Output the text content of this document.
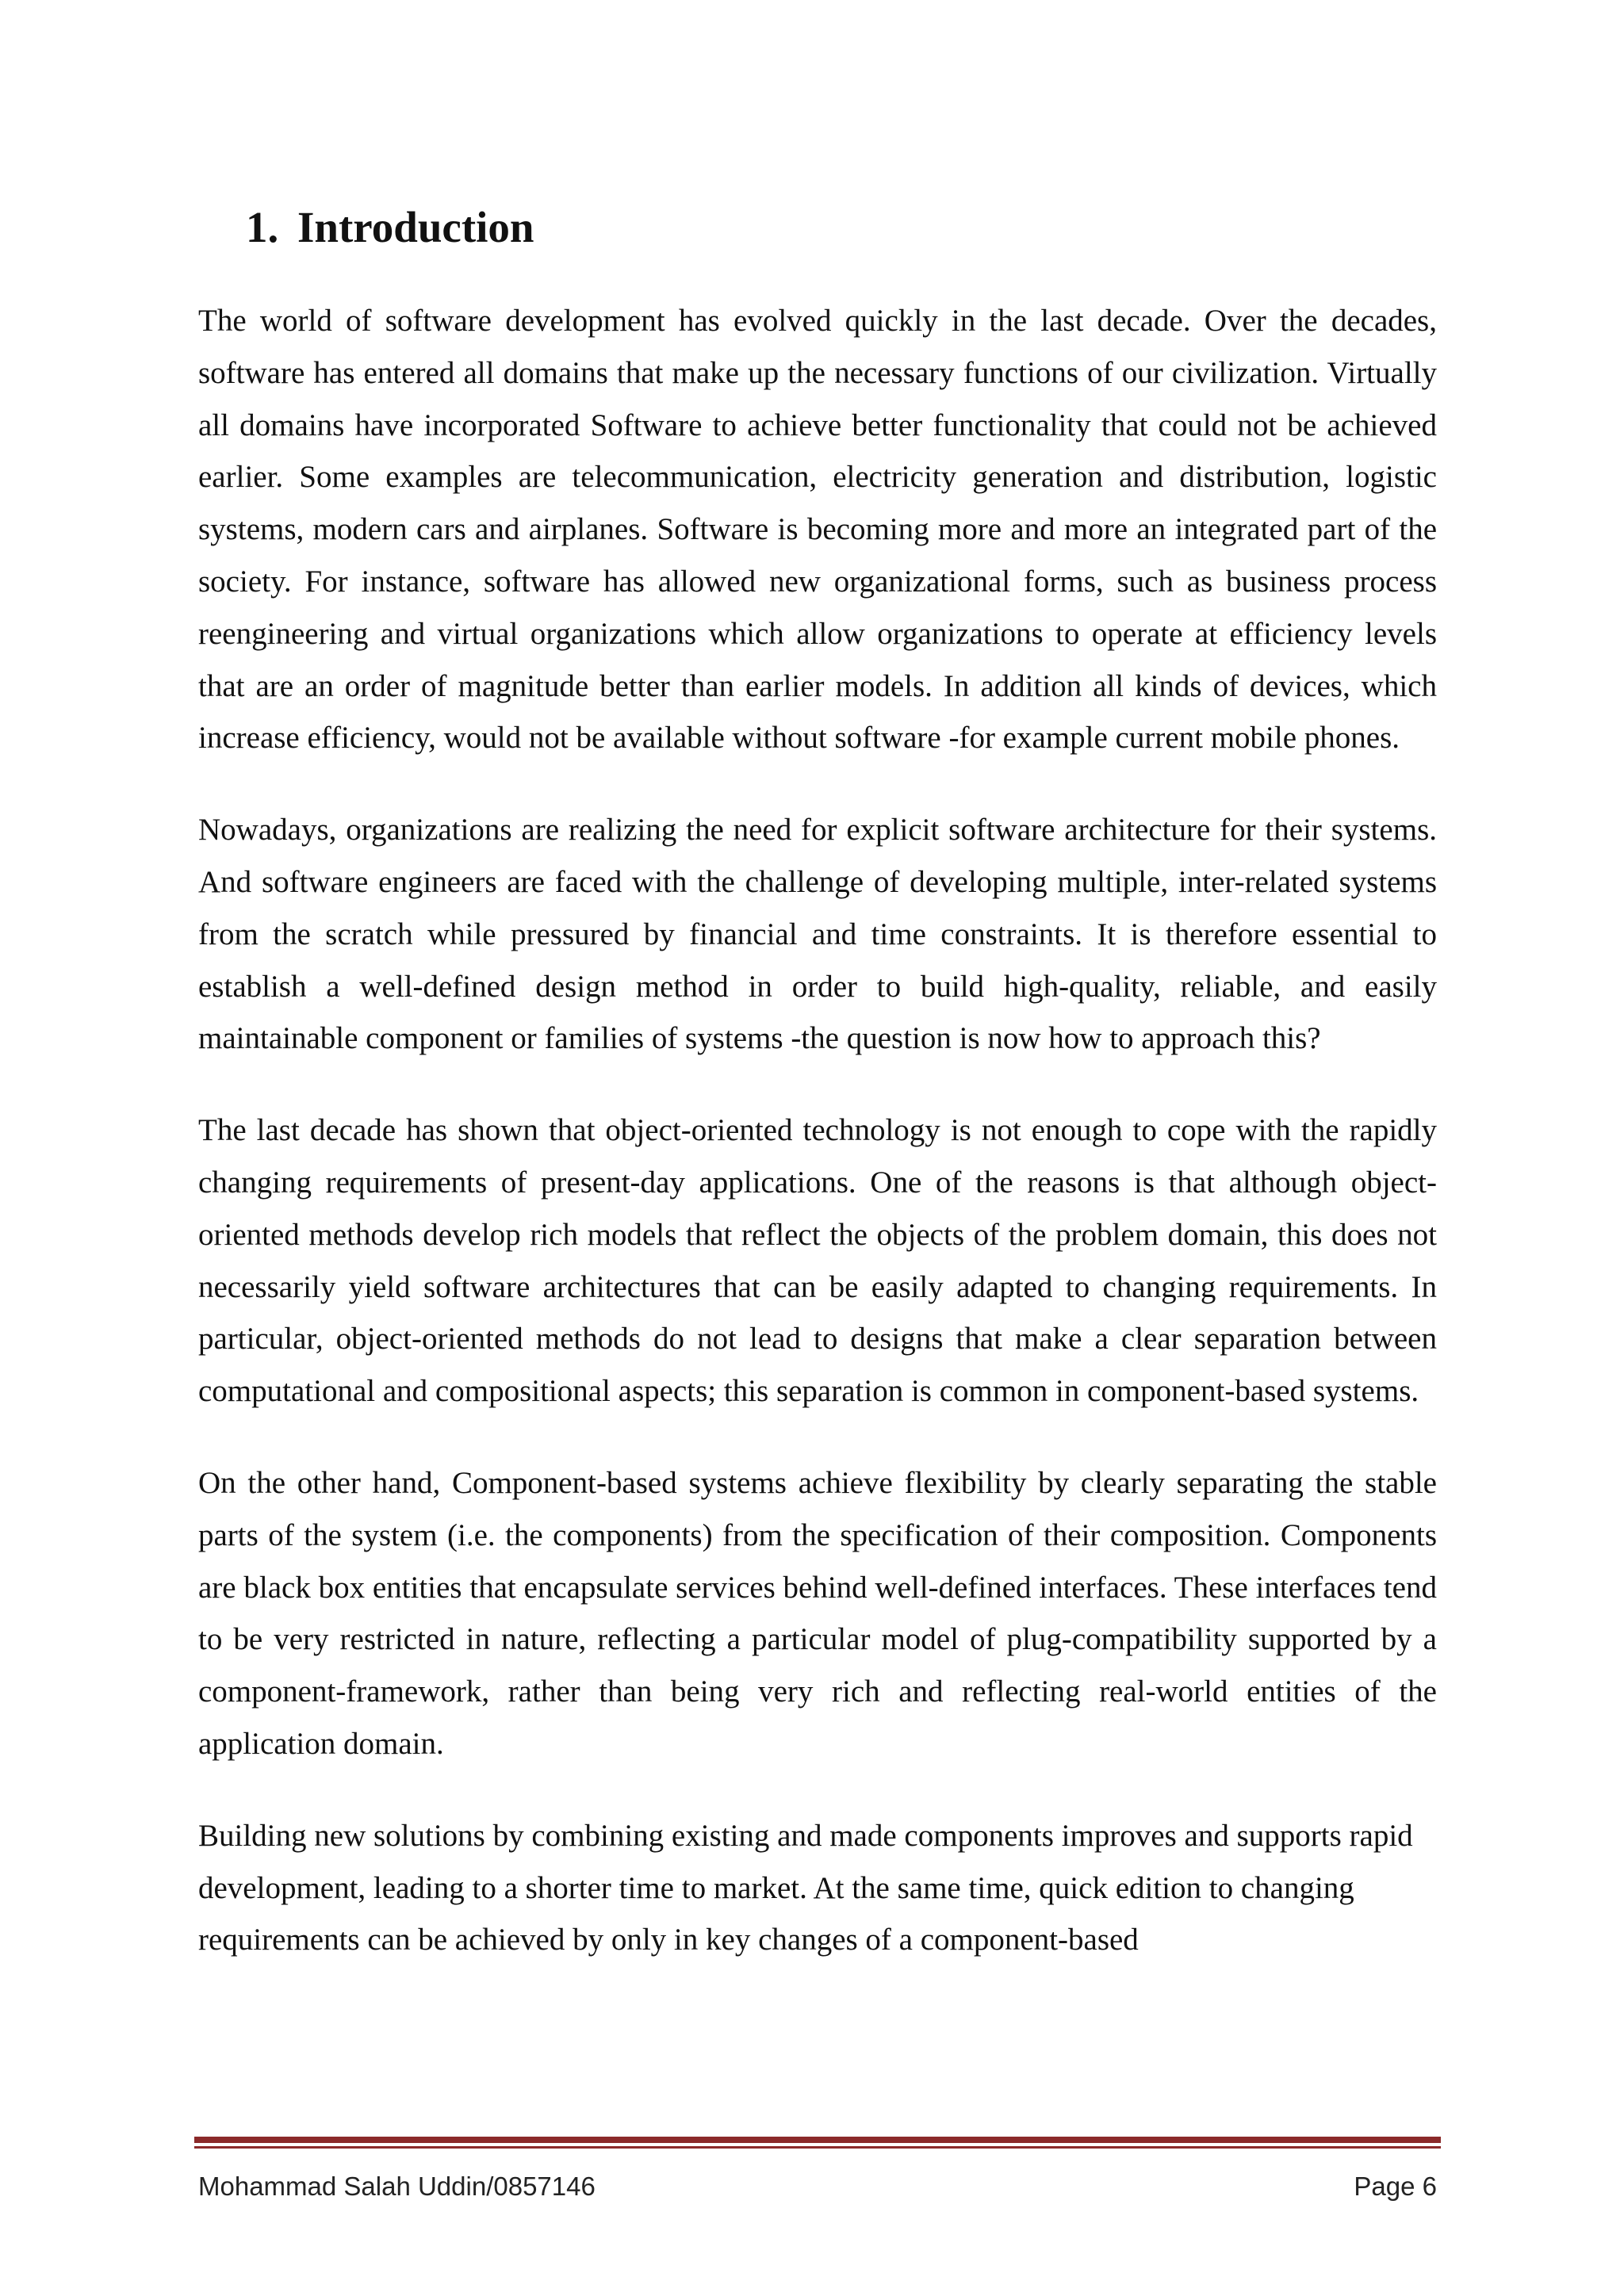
1. Introduction

The world of software development has evolved quickly in the last decade. Over the decades, software has entered all domains that make up the necessary functions of our civilization. Virtually all domains have incorporated Software to achieve better functionality that could not be achieved earlier. Some examples are telecommunication, electricity generation and distribution, logistic systems, modern cars and airplanes. Software is becoming more and more an integrated part of the society. For instance, software has allowed new organizational forms, such as business process reengineering and virtual organizations which allow organizations to operate at efficiency levels that are an order of magnitude better than earlier models. In addition all kinds of devices, which increase efficiency, would not be available without software -for example current mobile phones.

Nowadays, organizations are realizing the need for explicit software architecture for their systems. And software engineers are faced with the challenge of developing multiple, inter-related systems from the scratch while pressured by financial and time constraints. It is therefore essential to establish a well-defined design method in order to build high-quality, reliable, and easily maintainable component or families of systems -the question is now how to approach this?

The last decade has shown that object-oriented technology is not enough to cope with the rapidly changing requirements of present-day applications. One of the reasons is that although object-oriented methods develop rich models that reflect the objects of the problem domain, this does not necessarily yield software architectures that can be easily adapted to changing requirements. In particular, object-oriented methods do not lead to designs that make a clear separation between computational and compositional aspects; this separation is common in component-based systems.

On the other hand, Component-based systems achieve flexibility by clearly separating the stable parts of the system (i.e. the components) from the specification of their composition. Components are black box entities that encapsulate services behind well-defined interfaces. These interfaces tend to be very restricted in nature, reflecting a particular model of plug-compatibility supported by a component-framework, rather than being very rich and reflecting real-world entities of the application domain.

Building new solutions by combining existing and made components improves and supports rapid development, leading to a shorter time to market. At the same time, quick edition to changing requirements can be achieved by only in key changes of a component-based

Mohammad Salah Uddin/0857146	Page 6
